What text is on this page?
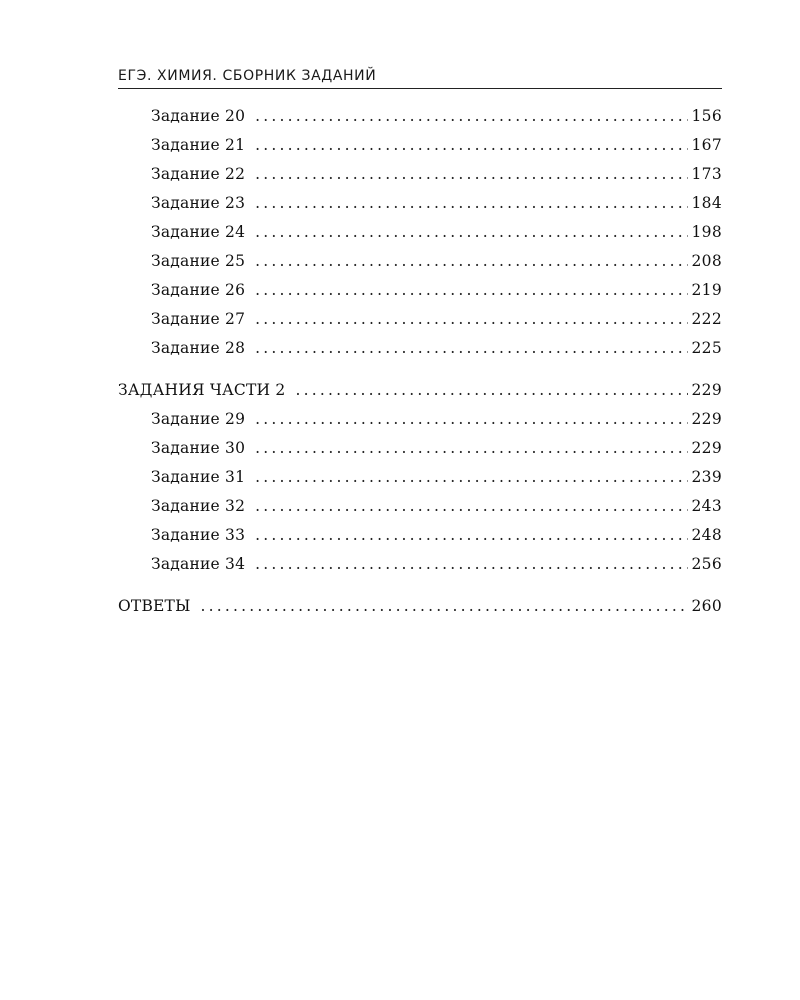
ЕГЭ. ХИМИЯ. СБОРНИК ЗАДАНИЙ
Задание 20 .....	156
Задание 21 .....	167
Задание 22 .....	173
Задание 23 .....	184
Задание 24 .....	198
Задание 25 .....	208
Задание 26 .....	219
Задание 27 .....	222
Задание 28 .....	225
ЗАДАНИЯ ЧАСТИ 2 .....	229
Задание 29 .....	229
Задание 30 .....	229
Задание 31 .....	239
Задание 32 .....	243
Задание 33 .....	248
Задание 34 .....	256
ОТВЕТЫ .....	260
